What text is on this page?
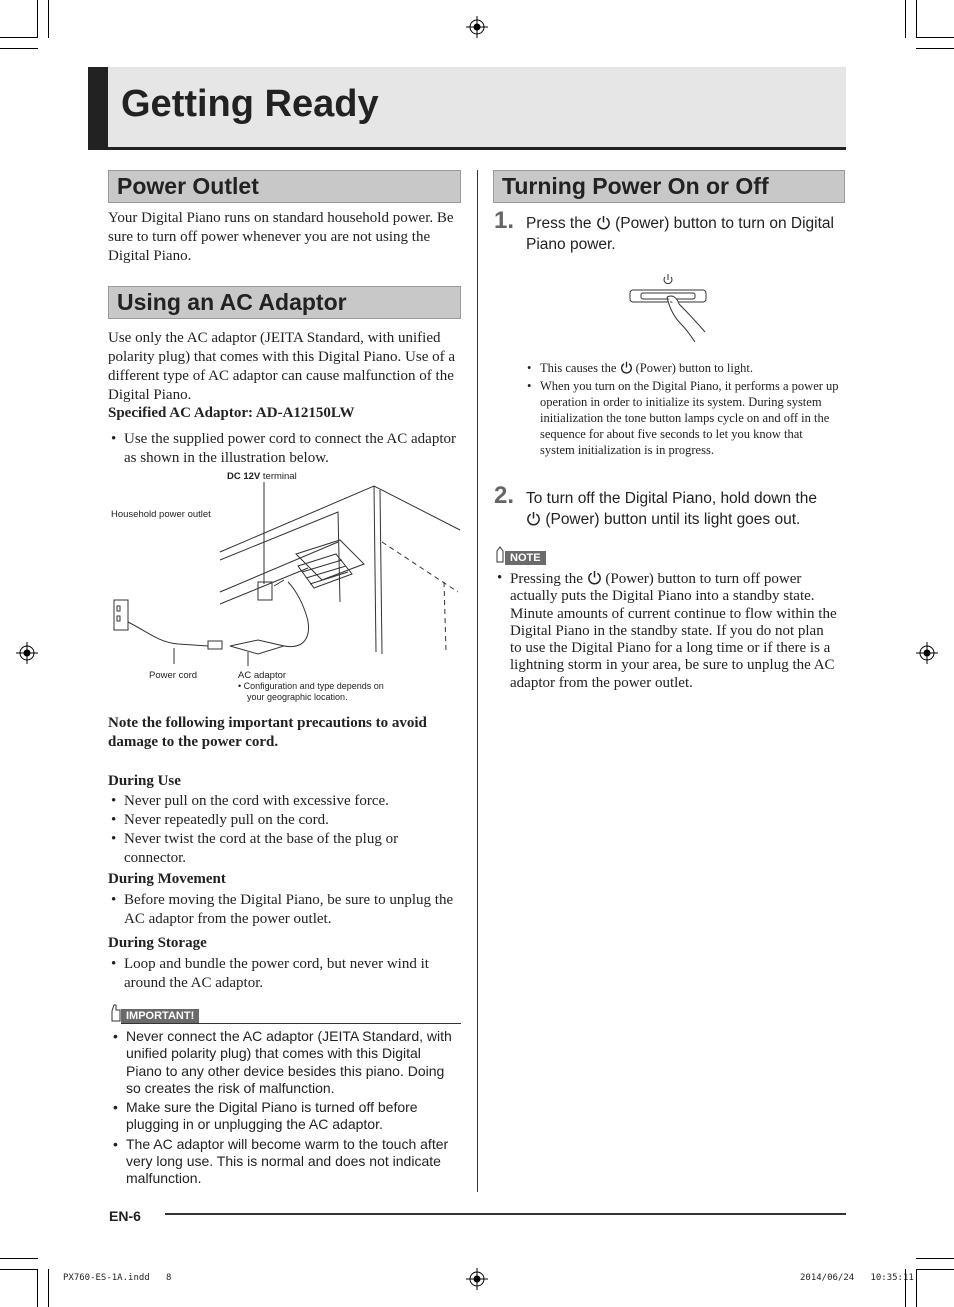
Getting Ready
Power Outlet

Your Digital Piano runs on standard household power. Be sure to turn off power whenever you are not using the Digital Piano.

Using an AC Adaptor

Use only the AC adaptor (JEITA Standard, with unified polarity plug) that comes with this Digital Piano. Use of a different type of AC adaptor can cause malfunction of the Digital Piano.

Specified AC Adaptor: AD-A12150LW

• Use the supplied power cord to connect the AC adaptor as shown in the illustration below.

DC 12V terminal
Household power outlet
Power cord	AC adaptor
• Configuration and type depends on
your geographic location.

Note the following important precautions to avoid damage to the power cord.

During Use

• Never pull on the cord with excessive force.
• Never repeatedly pull on the cord.
• Never twist the cord at the base of the plug or connector.

During Movement

• Before moving the Digital Piano, be sure to unplug the AC adaptor from the power outlet.

During Storage

• Loop and bundle the power cord, but never wind it around the AC adaptor.
IMPORTANT!
• Never connect the AC adaptor (JEITA Standard, with unified polarity plug) that comes with this Digital Piano to any other device besides this piano. Doing so creates the risk of malfunction.
• Make sure the Digital Piano is turned off before plugging in or unplugging the AC adaptor.
• The AC adaptor will become warm to the touch after very long use. This is normal and does not indicate malfunction.
Turning Power On or Off
1. Press the (Power) button to turn on Digital Piano power.
• This causes the (Power) button to light.
• When you turn on the Digital Piano, it performs a power up operation in order to initialize its system. During system initialization the tone button lamps cycle on and off in the sequence for about five seconds to let you know that system initialization is in progress.
2. To turn off the Digital Piano, hold down the  (Power) button until its light goes out.
NOTE
• Pressing the (Power) button to turn off power actually puts the Digital Piano into a standby state. Minute amounts of current continue to flow within the Digital Piano in the standby state. If you do not plan to use the Digital Piano for a long time or if there is a lightning storm in your area, be sure to unplug the AC adaptor from the power outlet.
EN-6
PX760-ES-1A.indd   8	2014/06/24   10:35:11
